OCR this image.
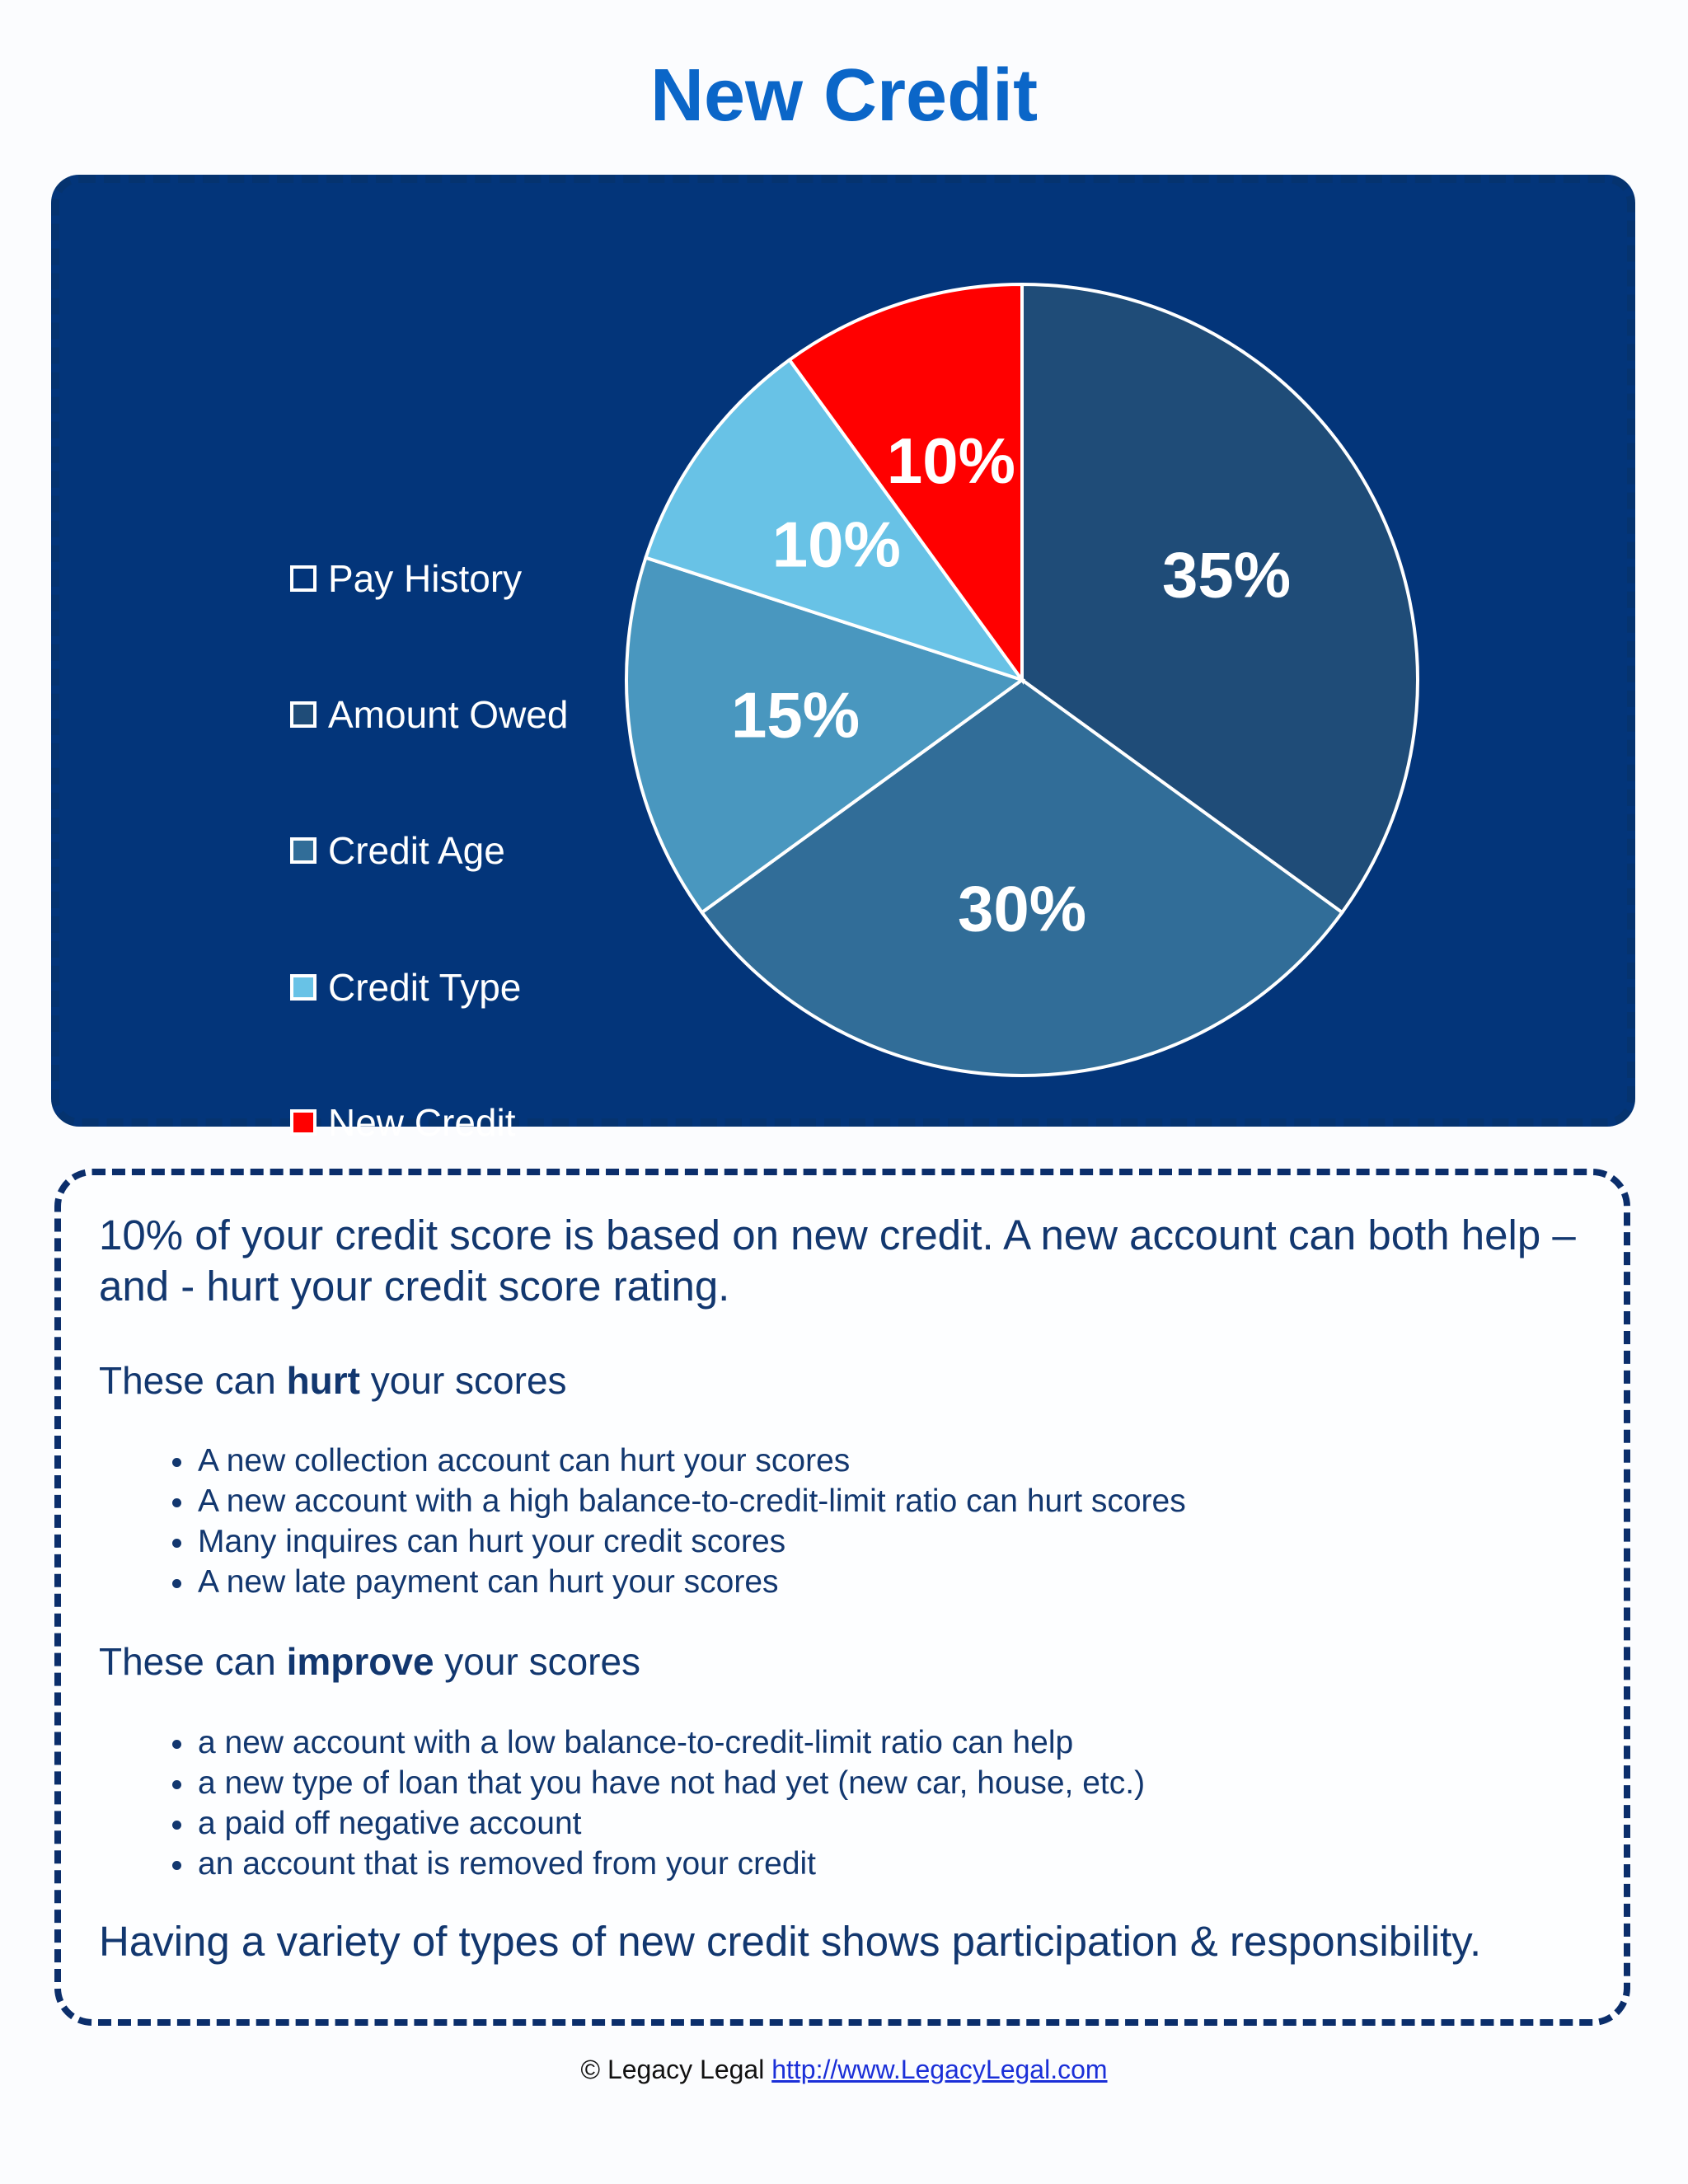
New Credit
Pay History
Amount Owed
Credit Age
Credit Type
New Credit
35%
30%
15%
10%
10%
10% of your credit score is based on new credit. A new account can both help – and - hurt your credit score rating.
These can hurt your scores
• A new collection account can hurt your scores
• A new account with a high balance-to-credit-limit ratio can hurt scores
• Many inquires can hurt your credit scores
• A new late payment can hurt your scores
These can improve your scores
• a new account with a low balance-to-credit-limit ratio can help
• a new type of loan that you have not had yet (new car, house, etc.)
• a paid off negative account
• an account that is removed from your credit
Having a variety of types of new credit shows participation & responsibility.
© Legacy Legal http://www.LegacyLegal.com
